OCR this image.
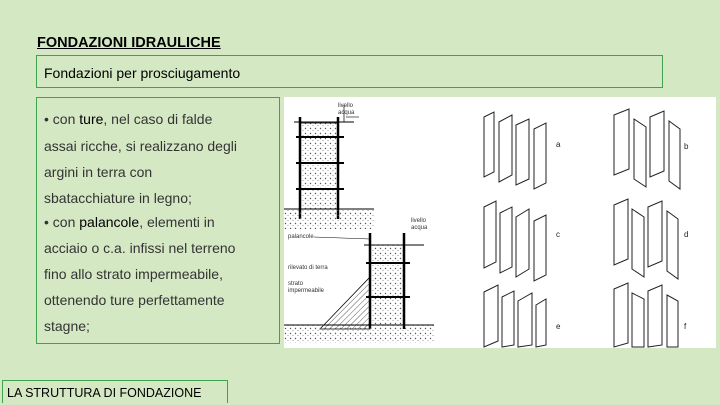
FONDAZIONI IDRAULICHE
Fondazioni per prosciugamento

• con ture, nel caso di falde

assai ricche, si realizzano degli

argini in terra con

sbatacchiature in legno;

• con palancole, elementi in

acciaio o c.a. infissi nel terreno

fino allo strato impermeabile,

ottenendo ture perfettamente

stagne;

livello
acqua
livello
acqua
palancole
rilevato di terra
strato
impermeabile
a	b
c	d
e	f
LA STRUTTURA DI FONDAZIONE
